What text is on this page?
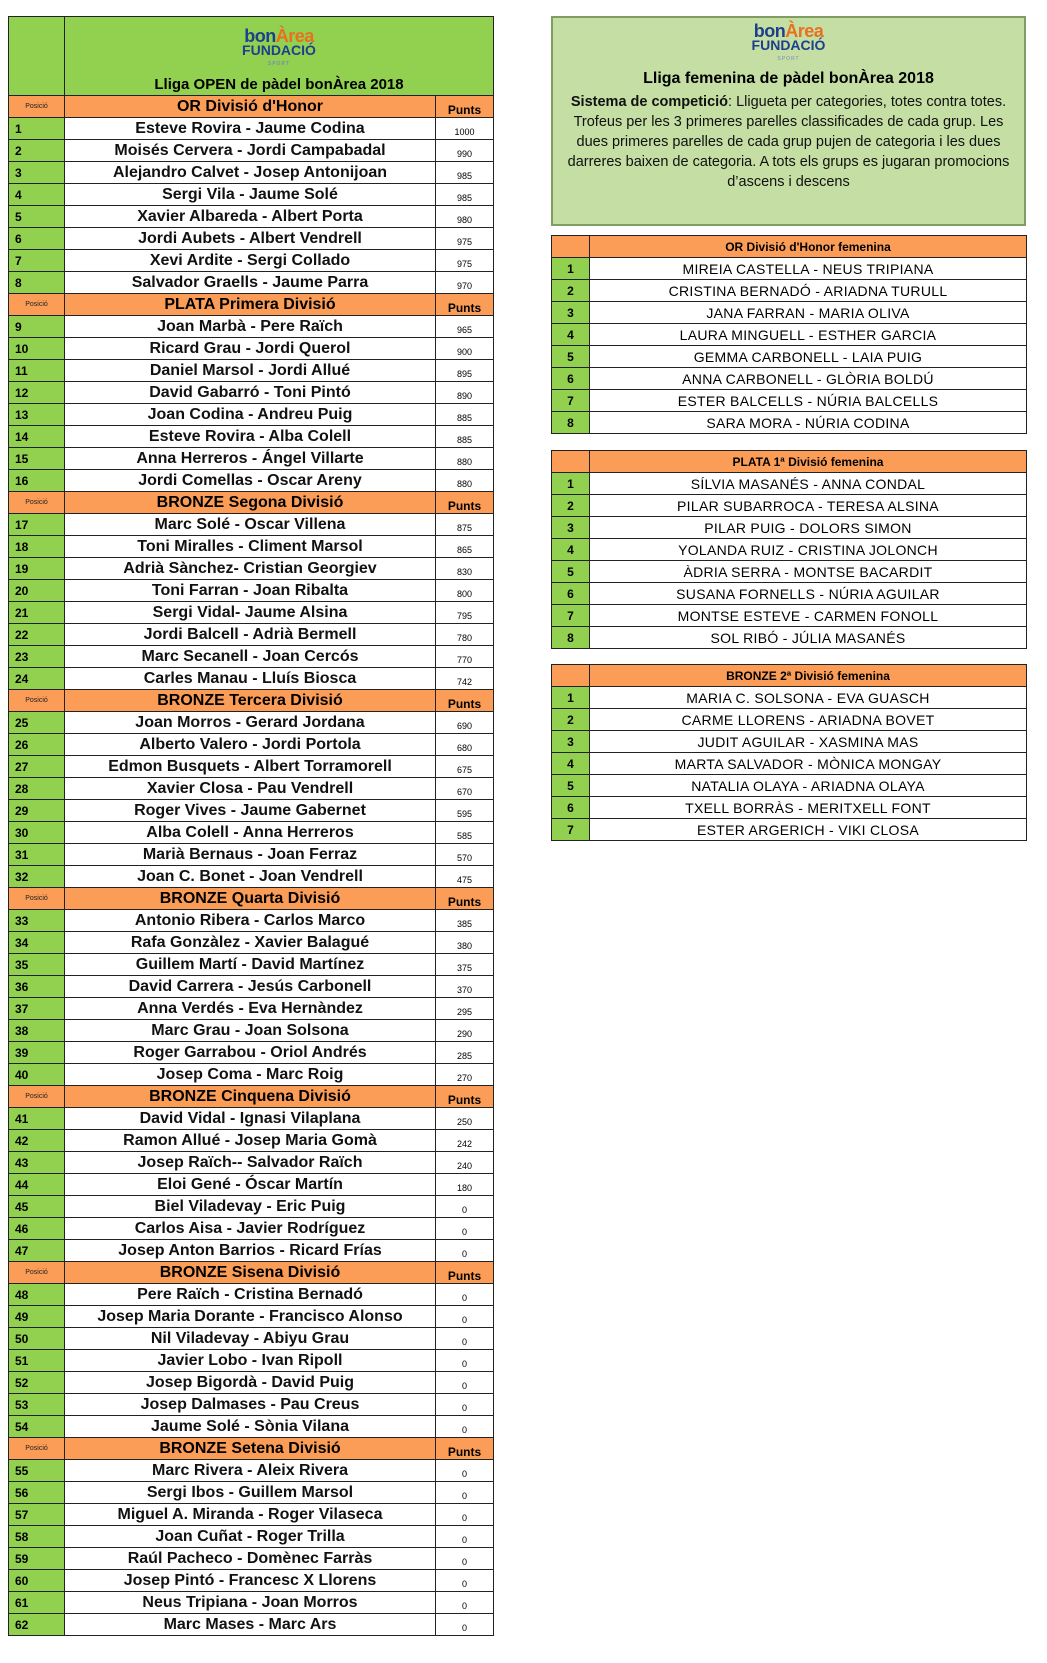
	bonÀrea
FUNDACIÓ
SPORT
Lliga OPEN de pàdel bonÀrea 2018	

Posició	OR Divisió d'Honor	Punts
1	Esteve Rovira - Jaume Codina	1000
2	Moisés Cervera - Jordi Campabadal	990
3	Alejandro Calvet - Josep Antonijoan	985
4	Sergi Vila - Jaume Solé	985
5	Xavier Albareda - Albert Porta	980
6	Jordi Aubets - Albert Vendrell	975
7	Xevi Ardite - Sergi Collado	975
8	Salvador Graells - Jaume Parra	970
Posició	PLATA Primera Divisió	Punts
9	Joan Marbà - Pere Raïch	965
10	Ricard Grau - Jordi Querol	900
11	Daniel Marsol - Jordi Allué	895
12	David Gabarró - Toni Pintó	890
13	Joan Codina - Andreu Puig	885
14	Esteve Rovira - Alba Colell	885
15	Anna Herreros - Ángel Villarte	880
16	Jordi Comellas - Oscar Areny	880
Posició	BRONZE Segona Divisió	Punts
17	Marc Solé - Oscar Villena	875
18	Toni Miralles - Climent Marsol	865
19	Adrià Sànchez- Cristian Georgiev	830
20	Toni Farran - Joan Ribalta	800
21	Sergi Vidal- Jaume Alsina	795
22	Jordi Balcell - Adrià Bermell	780
23	Marc Secanell - Joan Cercós	770
24	Carles Manau - Lluís Biosca	742
Posició	BRONZE Tercera Divisió	Punts
25	Joan Morros - Gerard Jordana	690
26	Alberto Valero - Jordi Portola	680
27	Edmon Busquets - Albert Torramorell	675
28	Xavier Closa - Pau Vendrell	670
29	Roger Vives - Jaume Gabernet	595
30	Alba Colell - Anna Herreros	585
31	Marià Bernaus - Joan Ferraz	570
32	Joan C. Bonet - Joan Vendrell	475
Posició	BRONZE Quarta Divisió	Punts
33	Antonio Ribera - Carlos Marco	385
34	Rafa Gonzàlez - Xavier Balagué	380
35	Guillem Martí - David Martínez	375
36	David Carrera - Jesús Carbonell	370
37	Anna Verdés - Eva Hernàndez	295
38	Marc Grau - Joan Solsona	290
39	Roger Garrabou - Oriol Andrés	285
40	Josep Coma - Marc Roig	270
Posició	BRONZE Cinquena Divisió	Punts
41	David Vidal - Ignasi Vilaplana	250
42	Ramon Allué - Josep Maria Gomà	242
43	Josep Raïch-- Salvador Raïch	240
44	Eloi Gené - Óscar Martín	180
45	Biel Viladevay - Eric Puig	0
46	Carlos Aisa - Javier Rodríguez	0
47	Josep Anton Barrios - Ricard Frías	0
Posició	BRONZE Sisena Divisió	Punts
48	Pere Raïch - Cristina Bernadó	0
49	Josep Maria Dorante - Francisco Alonso	0
50	Nil Viladevay - Abiyu Grau	0
51	Javier Lobo - Ivan Ripoll	0
52	Josep Bigordà - David Puig	0
53	Josep Dalmases - Pau Creus	0
54	Jaume Solé - Sònia Vilana	0
Posició	BRONZE Setena Divisió	Punts
55	Marc Rivera - Aleix Rivera	0
56	Sergi Ibos - Guillem Marsol	0
57	Miguel A. Miranda - Roger Vilaseca	0
58	Joan Cuñat - Roger Trilla	0
59	Raúl Pacheco - Domènec Farràs	0
60	Josep Pintó - Francesc X Llorens	0
61	Neus Tripiana - Joan Morros	0
62	Marc Mases - Marc Ars	0
bonÀrea
FUNDACIÓ
SPORT
Lliga femenina de pàdel bonÀrea 2018
Sistema de competició: Lligueta per categories, totes contra totes. Trofeus per les 3 primeres parelles classificades de cada grup. Les dues primeres parelles de cada grup pujen de categoria i les dues darreres baixen de categoria. A tots els grups es jugaran promocions d’ascens i descens
	OR Divisió d'Honor femenina
1	MIREIA CASTELLA - NEUS TRIPIANA
2	CRISTINA BERNADÓ - ARIADNA TURULL
3	JANA FARRAN - MARIA OLIVA
4	LAURA MINGUELL - ESTHER GARCIA
5	GEMMA CARBONELL - LAIA PUIG
6	ANNA CARBONELL - GLÒRIA BOLDÚ
7	ESTER BALCELLS - NÚRIA BALCELLS
8	SARA MORA - NÚRIA CODINA
	PLATA 1ª Divisió femenina
1	SÍLVIA MASANÉS - ANNA CONDAL
2	PILAR SUBARROCA - TERESA ALSINA
3	PILAR PUIG - DOLORS SIMON
4	YOLANDA RUIZ - CRISTINA JOLONCH
5	ÀDRIA SERRA - MONTSE BACARDIT
6	SUSANA FORNELLS - NÚRIA AGUILAR
7	MONTSE ESTEVE - CARMEN FONOLL
8	SOL RIBÓ - JÚLIA MASANÉS
	BRONZE 2ª Divisió femenina
1	MARIA C. SOLSONA - EVA GUASCH
2	CARME LLORENS - ARIADNA BOVET
3	JUDIT AGUILAR - XASMINA MAS
4	MARTA SALVADOR - MÒNICA MONGAY
5	NATALIA OLAYA - ARIADNA OLAYA
6	TXELL BORRÀS - MERITXELL FONT
7	ESTER ARGERICH - VIKI CLOSA
